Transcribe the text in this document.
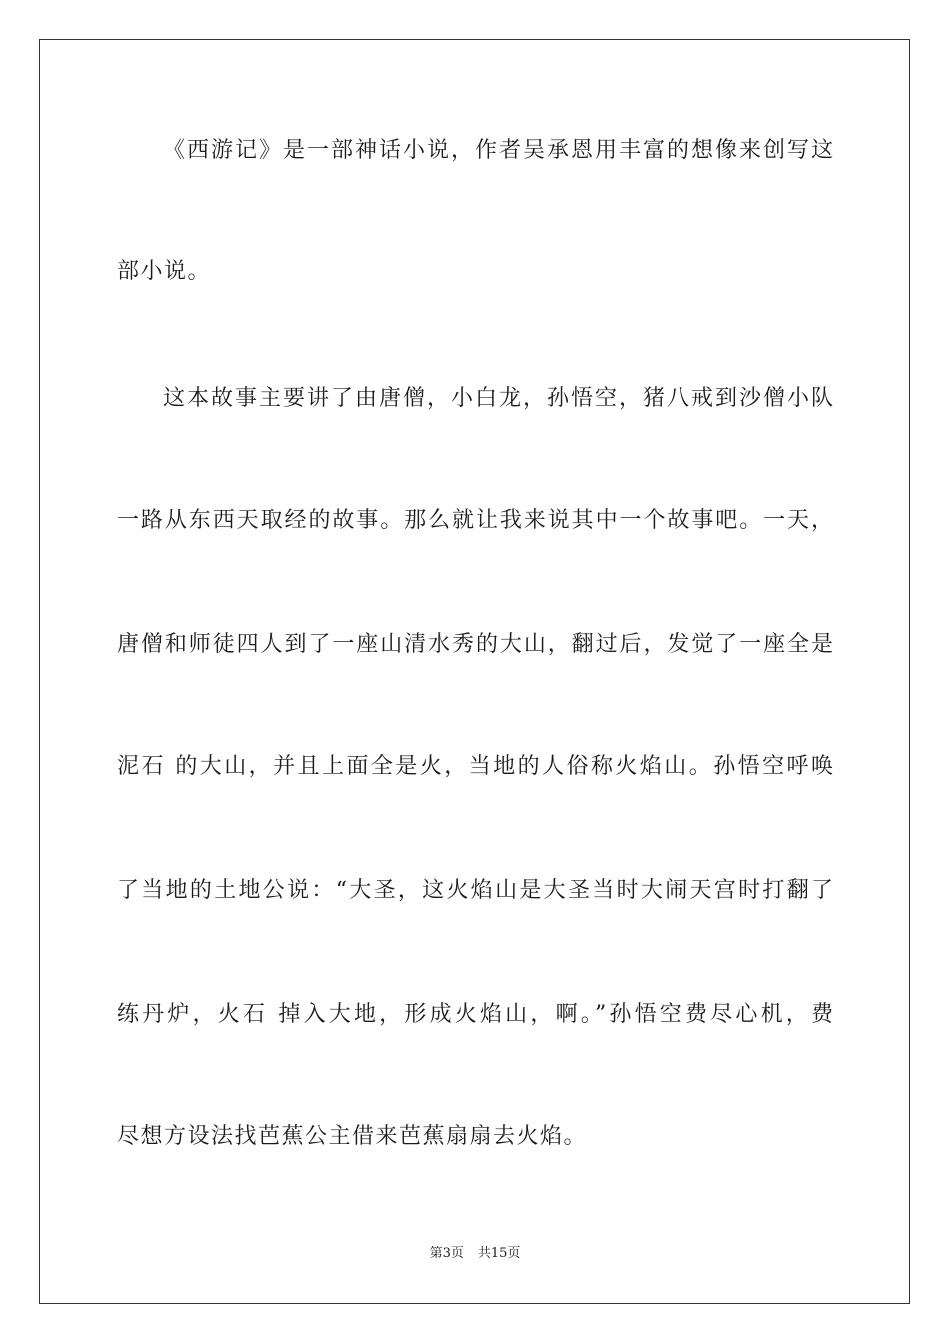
《西游记》是一部神话小说，作者吴承恩用丰富的想像来创写这
部小说。
这本故事主要讲了由唐僧，小白龙，孙悟空，猪八戒到沙僧小队
一路从东西天取经的故事。那么就让我来说其中一个故事吧。一天，
唐僧和师徒四人到了一座山清水秀的大山，翻过后，发觉了一座全是
泥石 的大山，并且上面全是火，当地的人俗称火焰山。孙悟空呼唤
了当地的土地公说：“大圣，这火焰山是大圣当时大闹天宫时打翻了
练丹炉，火石 掉入大地，形成火焰山，啊。”孙悟空费尽心机，费
尽想方设法找芭蕉公主借来芭蕉扇扇去火焰。
第3页 共15页
